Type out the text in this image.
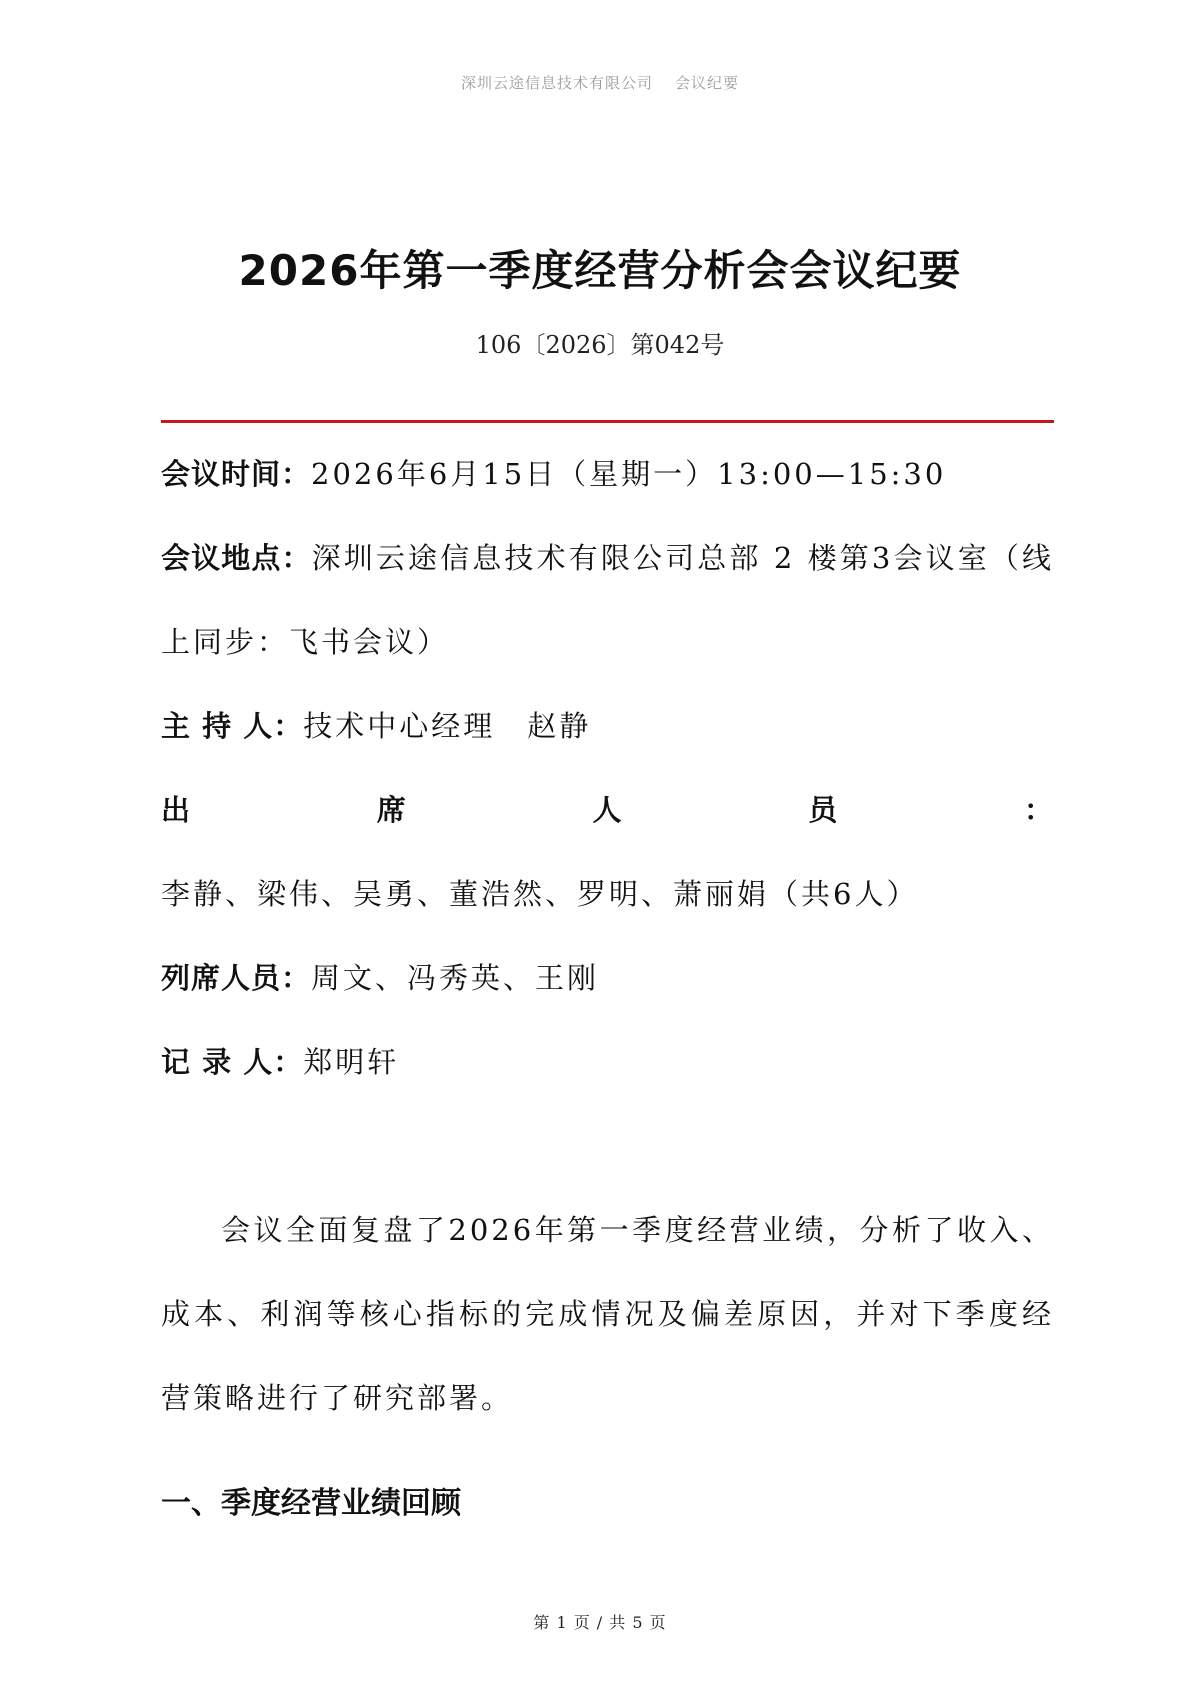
深圳云途信息技术有限公司 会议纪要
2026年第一季度经营分析会会议纪要
106〔2026〕第042号

会议时间：2026年6月15日（星期一）13:00—15:30

会议地点：深圳云途信息技术有限公司总部 2 楼第3会议室（线上同步：飞书会议）

主 持 人：技术中心经理　赵静

出席人员：李静、梁伟、吴勇、董浩然、罗明、萧丽娟（共6人）

列席人员：周文、冯秀英、王刚

记 录 人：郑明轩

会议全面复盘了2026年第一季度经营业绩，分析了收入、成本、利润等核心指标的完成情况及偏差原因，并对下季度经营策略进行了研究部署。

一、季度经营业绩回顾
第 1 页 / 共 5 页
